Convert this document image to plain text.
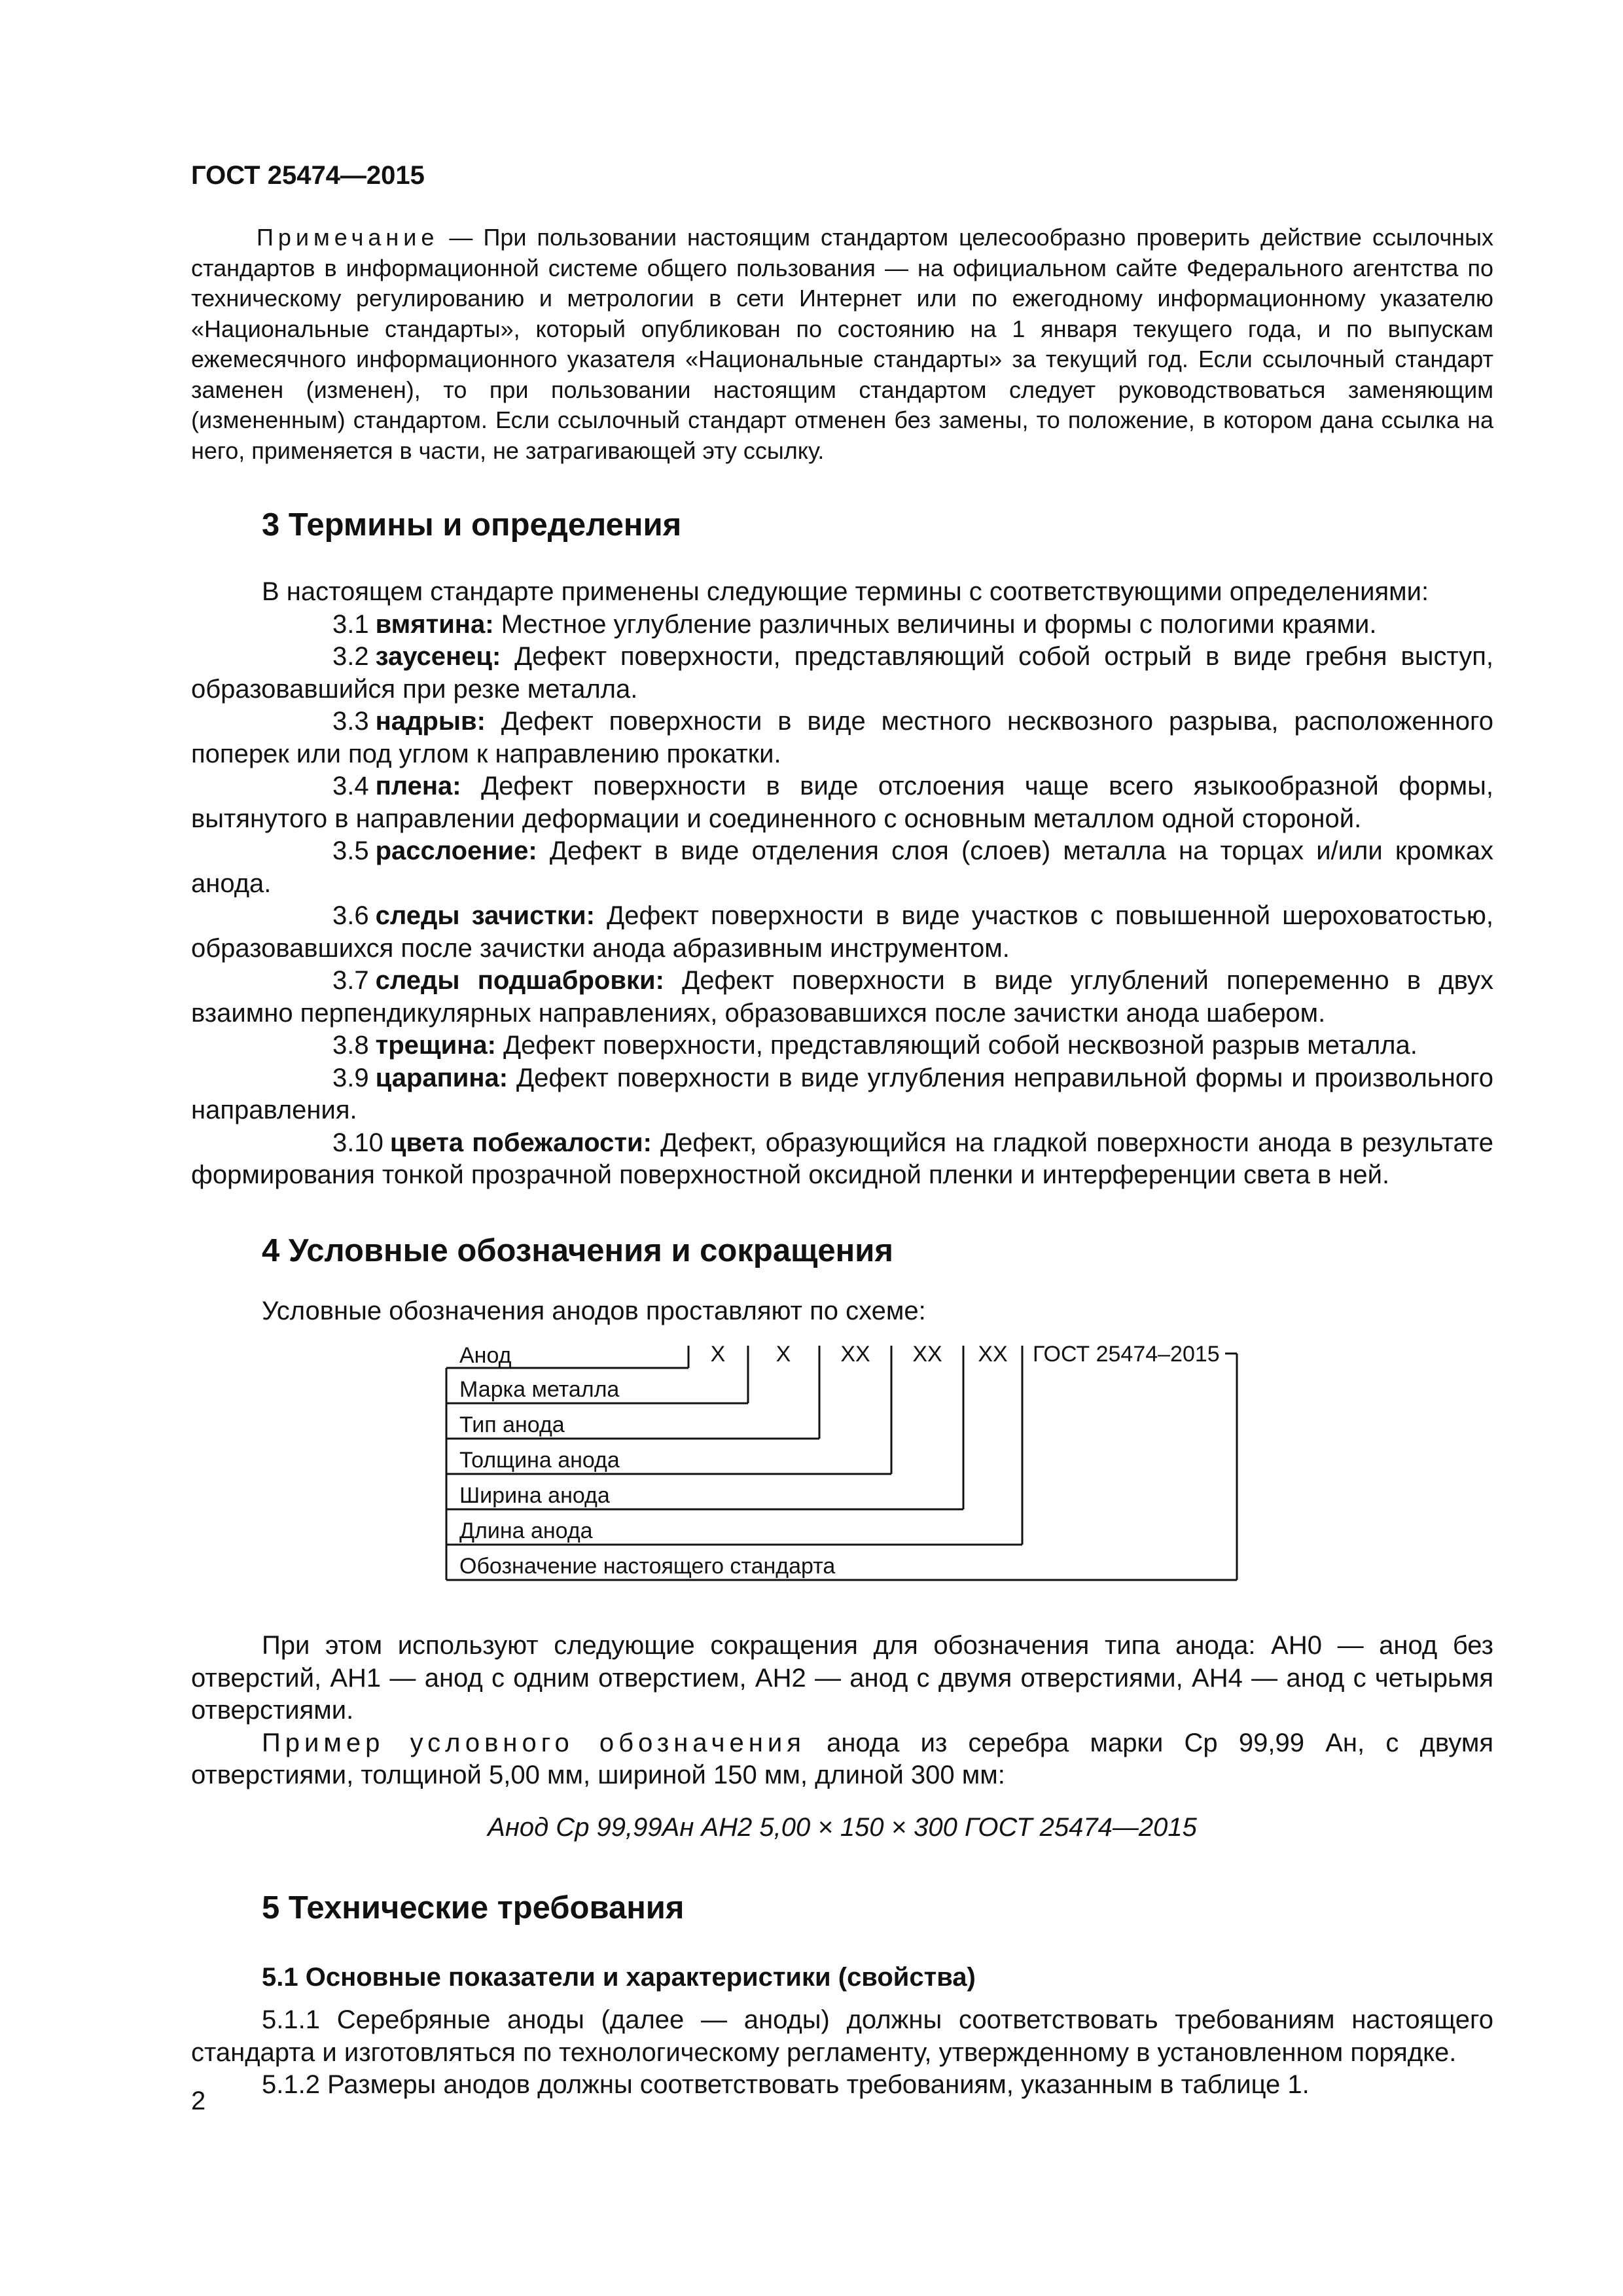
ГОСТ 25474—2015

Примечание — При пользовании настоящим стандартом целесообразно проверить действие ссылочных стандартов в информационной системе общего пользования — на официальном сайте Федерального агентства по техническому регулированию и метрологии в сети Интернет или по ежегодному информационному указателю «Национальные стандарты», который опубликован по состоянию на 1 января текущего года, и по выпускам ежемесячного информационного указателя «Национальные стандарты» за текущий год. Если ссылочный стандарт заменен (изменен), то при пользовании настоящим стандартом следует руководствоваться заменяющим (измененным) стандартом. Если ссылочный стандарт отменен без замены, то положение, в котором дана ссылка на него, применяется в части, не затрагивающей эту ссылку.

3 Термины и определения

В настоящем стандарте применены следующие термины с соответствующими определениями:

3.1 вмятина: Местное углубление различных величины и формы с пологими краями.

3.2 заусенец: Дефект поверхности, представляющий собой острый в виде гребня выступ, образовавшийся при резке металла.

3.3 надрыв: Дефект поверхности в виде местного несквозного разрыва, расположенного поперек или под углом к направлению прокатки.

3.4 плена: Дефект поверхности в виде отслоения чаще всего языкообразной формы, вытянутого в направлении деформации и соединенного с основным металлом одной стороной.

3.5 расслоение: Дефект в виде отделения слоя (слоев) металла на торцах и/или кромках анода.

3.6 следы зачистки: Дефект поверхности в виде участков с повышенной шероховатостью, образовавшихся после зачистки анода абразивным инструментом.

3.7 следы подшабровки: Дефект поверхности в виде углублений попеременно в двух взаимно перпендикулярных направлениях, образовавшихся после зачистки анода шабером.

3.8 трещина: Дефект поверхности, представляющий собой несквозной разрыв металла.

3.9 царапина: Дефект поверхности в виде углубления неправильной формы и произвольного направления.

3.10 цвета побежалости: Дефект, образующийся на гладкой поверхности анода в результате формирования тонкой прозрачной поверхностной оксидной пленки и интерференции света в ней.

4 Условные обозначения и сокращения

Условные обозначения анодов проставляют по схеме:

Анод	Х Х ХХ ХХ ХХ ГОСТ 25474–2015
Марка металла
Тип анода
Толщина анода
Ширина анода
Длина анода
Обозначение настоящего стандарта

При этом используют следующие сокращения для обозначения типа анода: АН0 — анод без отверстий, АН1 — анод с одним отверстием, АН2 — анод с двумя отверстиями, АН4 — анод с четырьмя отверстиями.

Пример условного обозначения анода из серебра марки Ср 99,99 Ан, с двумя отверстиями, толщиной 5,00 мм, шириной 150 мм, длиной 300 мм:

Анод Ср 99,99Ан АН2 5,00 × 150 × 300 ГОСТ 25474—2015

5 Технические требования
5.1 Основные показатели и характеристики (свойства)

5.1.1 Серебряные аноды (далее — аноды) должны соответствовать требованиям настоящего стандарта и изготовляться по технологическому регламенту, утвержденному в установленном порядке.

5.1.2 Размеры анодов должны соответствовать требованиям, указанным в таблице 1.

2
